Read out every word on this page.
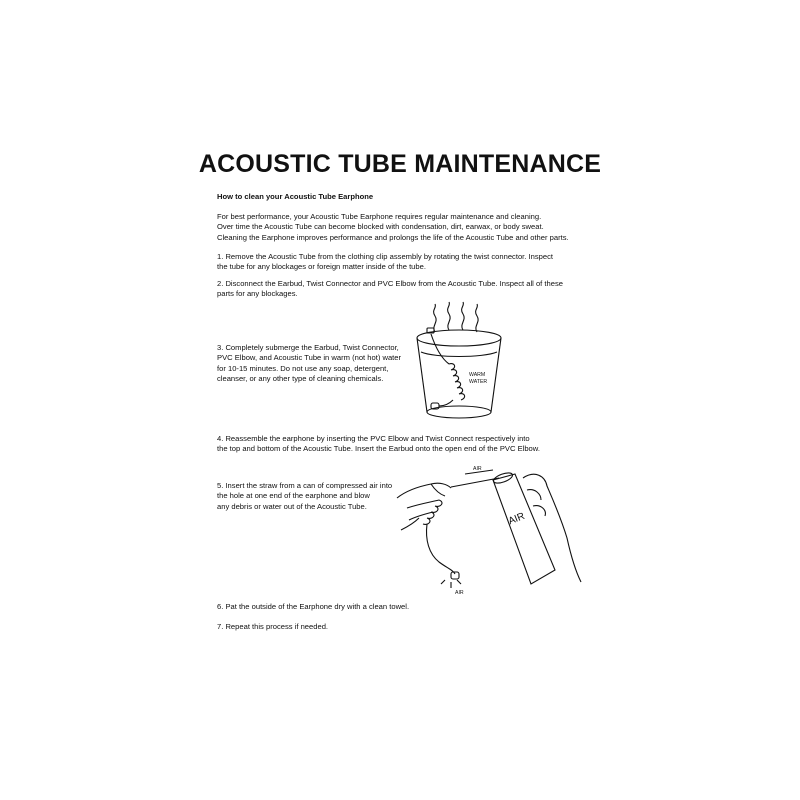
ACOUSTIC TUBE MAINTENANCE

How to clean your Acoustic Tube Earphone

For best performance, your Acoustic Tube Earphone requires regular maintenance and cleaning.
Over time the Acoustic Tube can become blocked with condensation, dirt, earwax, or body sweat.
Cleaning the Earphone improves performance and prolongs the life of the Acoustic Tube and other parts.

1. Remove the Acoustic Tube from the clothing clip assembly by rotating the twist connector. Inspect
the tube for any blockages or foreign matter inside of the tube.

2. Disconnect the Earbud, Twist Connector and PVC Elbow from the Acoustic Tube. Inspect all of these
parts for any blockages.

3. Completely submerge the Earbud, Twist Connector,
PVC Elbow, and Acoustic Tube in warm (not hot) water
for 10-15 minutes. Do not use any soap, detergent,
cleanser, or any other type of cleaning chemicals.	WARM
WATER

4. Reassemble the earphone by inserting the PVC Elbow and Twist Connect respectively into
the top and bottom of the Acoustic Tube. Insert the Earbud onto the open end of the PVC Elbow.

5. Insert the straw from a can of compressed air into
the hole at one end of the earphone and blow
any debris or water out of the Acoustic Tube.

AIR
AIR
AIR

6. Pat the outside of the Earphone dry with a clean towel.

7. Repeat this process if needed.
